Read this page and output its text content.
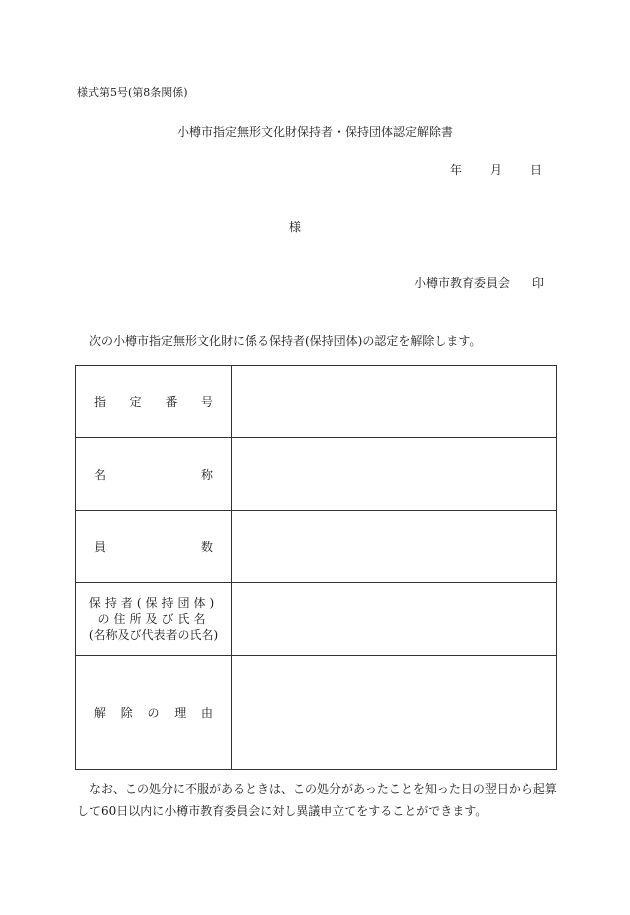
様式第5号(第8条関係)
小樽市指定無形文化財保持者・保持団体認定解除書
年 月 日
様
小樽市教育委員会 印
次の小樽市指定無形文化財に係る保持者(保持団体)の認定を解除します。
指 定 番 号	

名 称	

員 数	

保持者(保持団体)
の住所及び氏名
(名称及び代表者の氏名)	

解 除 の 理 由	

なお、この処分に不服があるときは、この処分があったことを知った日の翌日から起算して60日以内に小樽市教育委員会に対し異議申立てをすることができます。
